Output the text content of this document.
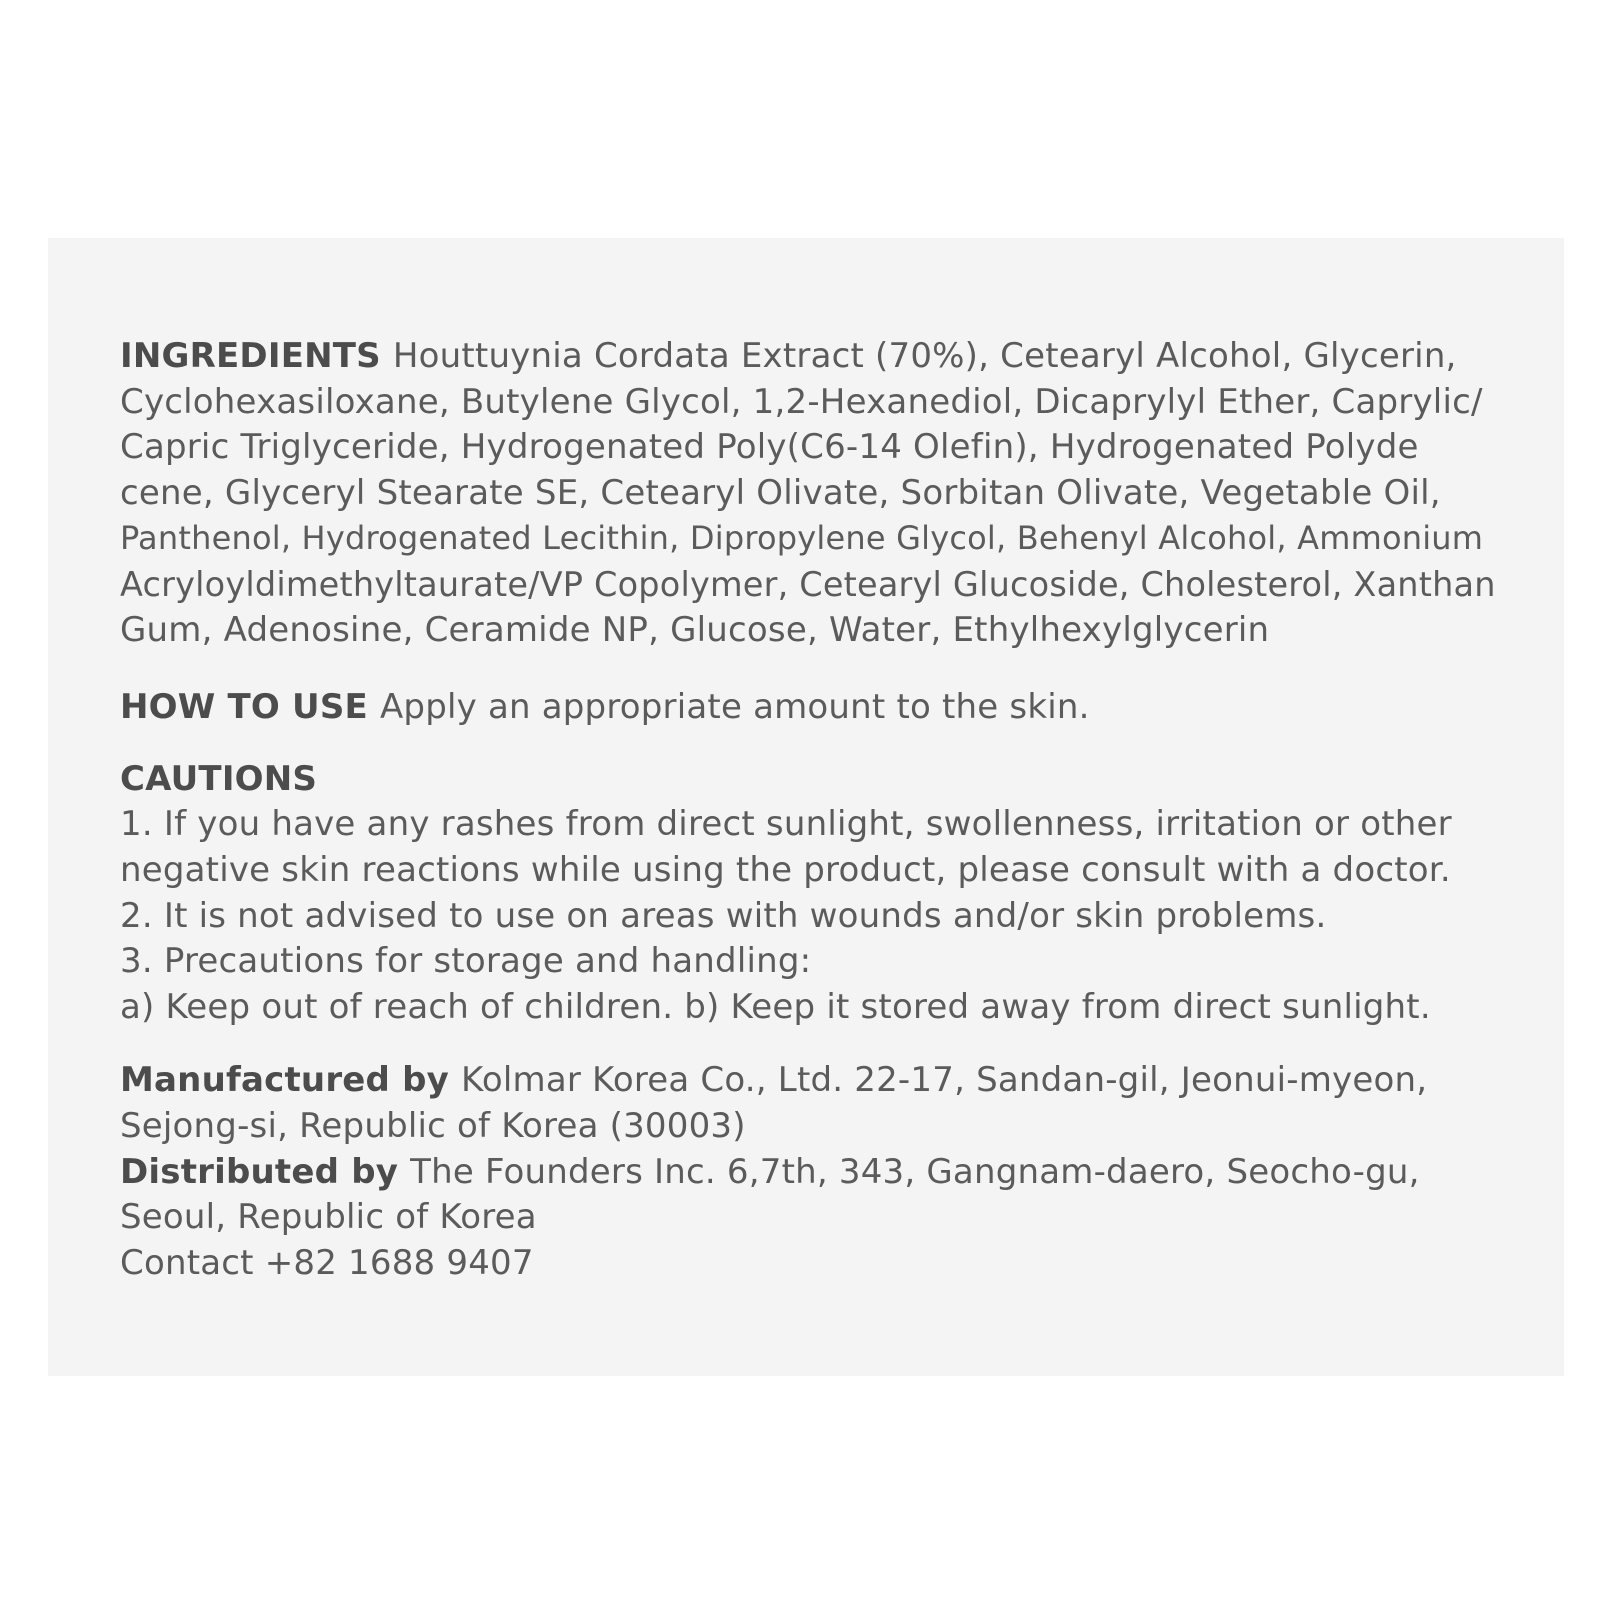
INGREDIENTS Houttuynia Cordata Extract (70%), Cetearyl Alcohol, Glycerin,
Cyclohexasiloxane, Butylene Glycol, 1,2-Hexanediol, Dicaprylyl Ether, Caprylic/
Capric Triglyceride, Hydrogenated Poly(C6-14 Olefin), Hydrogenated Polyde
cene, Glyceryl Stearate SE, Cetearyl Olivate, Sorbitan Olivate, Vegetable Oil,
Panthenol, Hydrogenated Lecithin, Dipropylene Glycol, Behenyl Alcohol, Ammonium
Acryloyldimethyltaurate/VP Copolymer, Cetearyl Glucoside, Cholesterol, Xanthan
Gum, Adenosine, Ceramide NP, Glucose, Water, Ethylhexylglycerin
HOW TO USE Apply an appropriate amount to the skin.
CAUTIONS
1. If you have any rashes from direct sunlight, swollenness, irritation or other
negative skin reactions while using the product, please consult with a doctor.
2. It is not advised to use on areas with wounds and/or skin problems.
3. Precautions for storage and handling:
a) Keep out of reach of children. b) Keep it stored away from direct sunlight.
Manufactured by Kolmar Korea Co., Ltd. 22-17, Sandan-gil, Jeonui-myeon,
Sejong-si, Republic of Korea (30003)
Distributed by The Founders Inc. 6,7th, 343, Gangnam-daero, Seocho-gu,
Seoul, Republic of Korea
Contact +82 1688 9407
